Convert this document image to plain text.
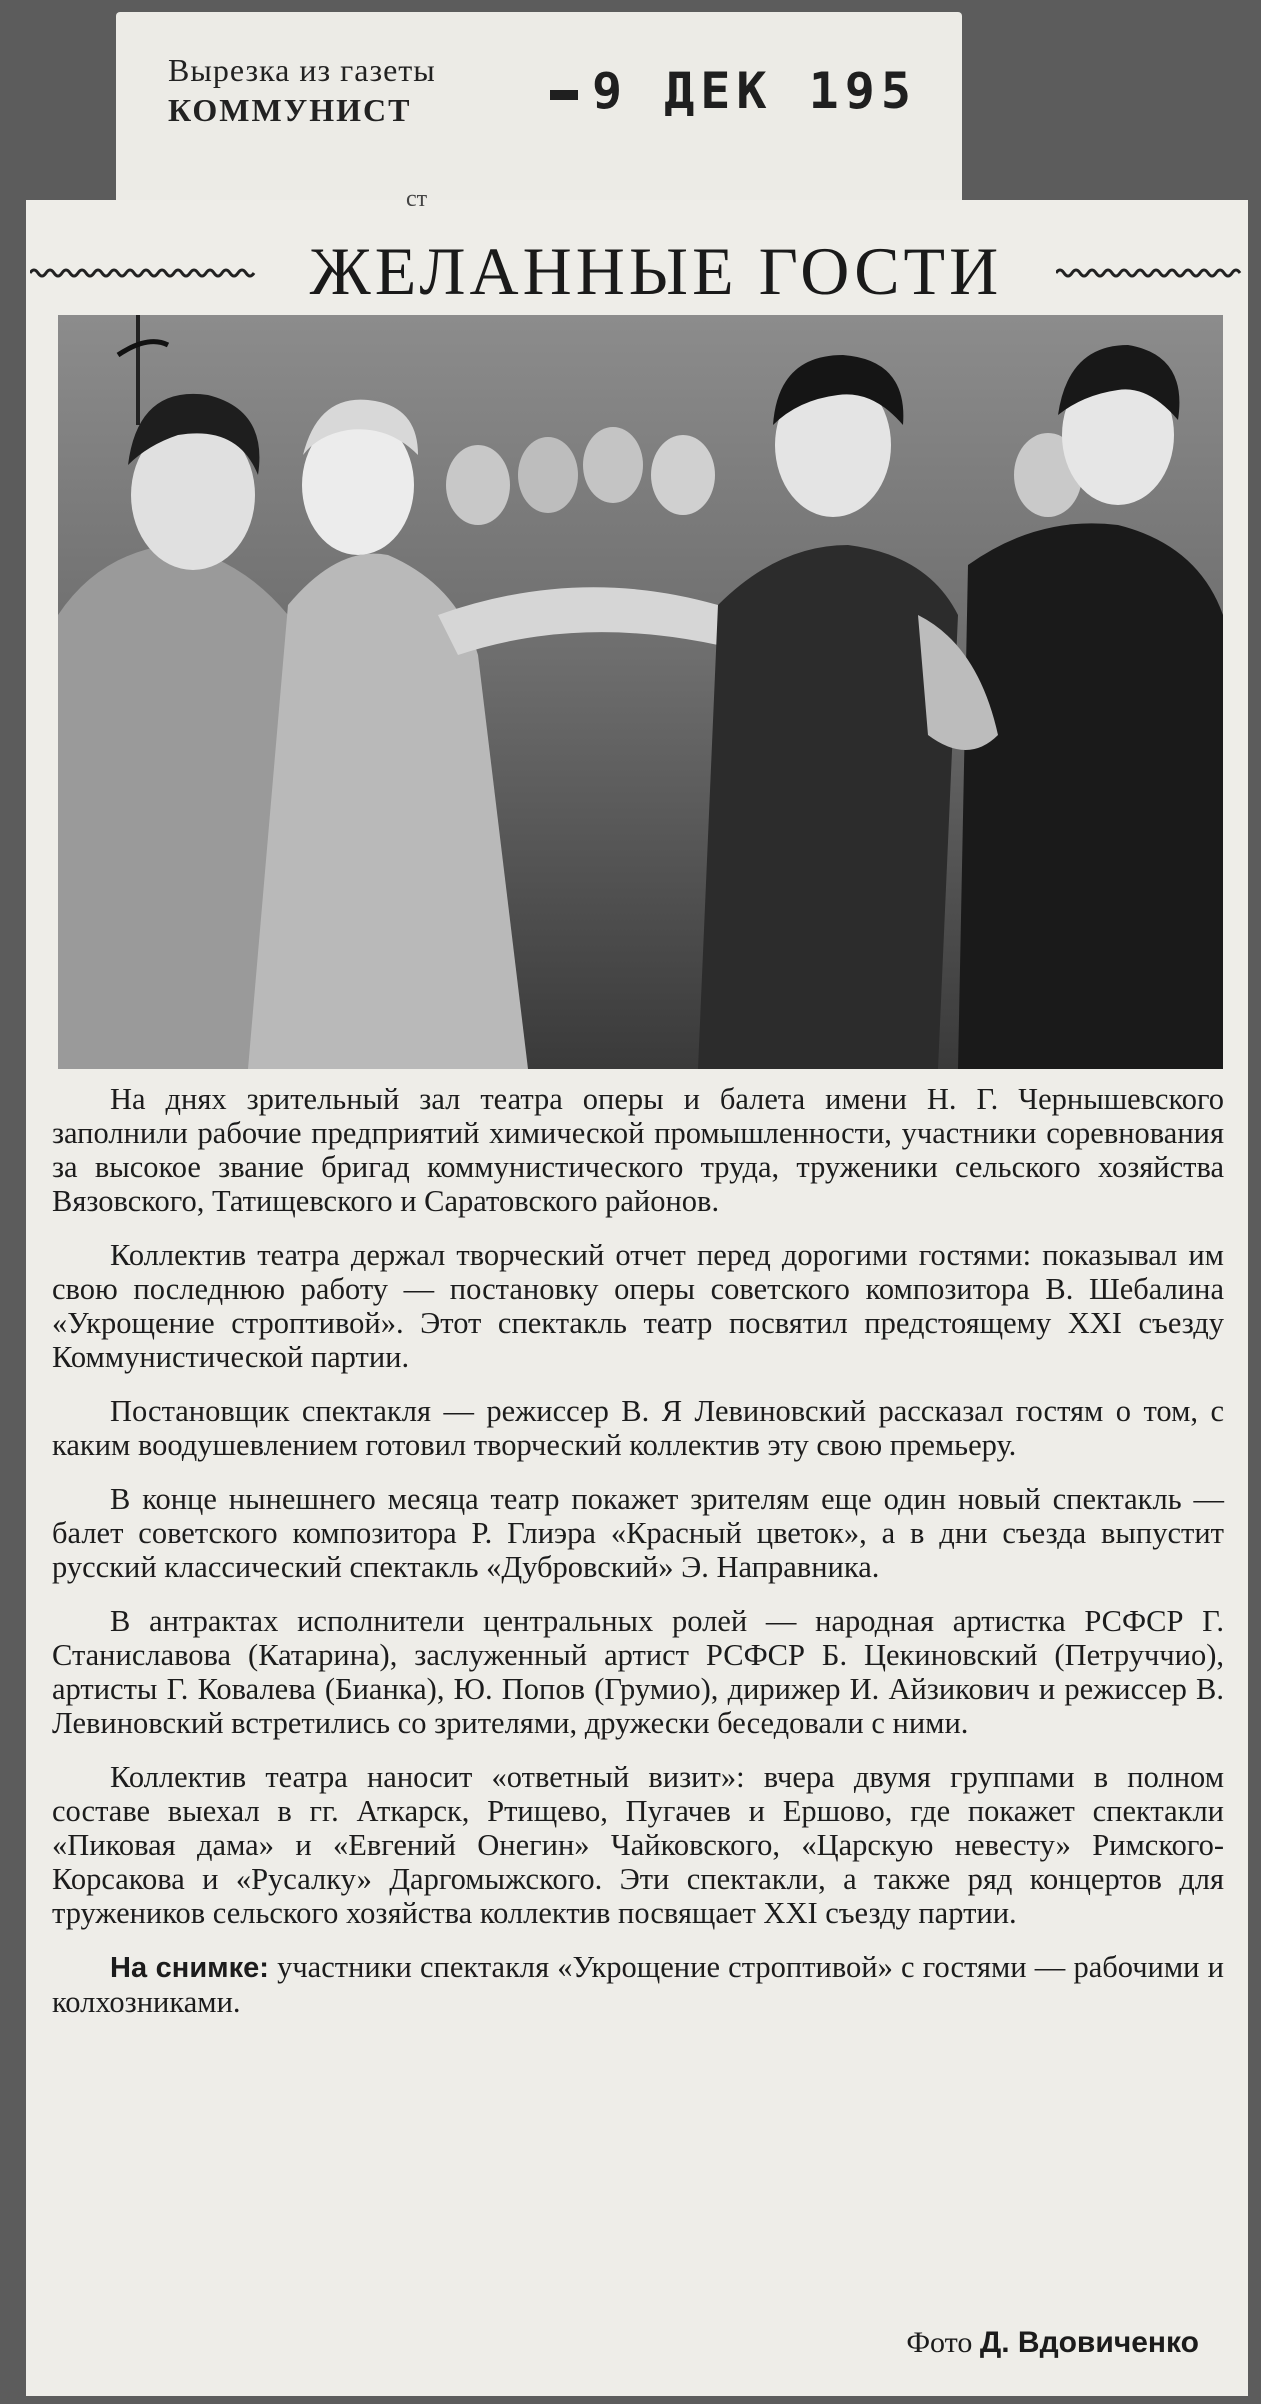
Вырезка из газеты
КОММУНИСТ	9 ДЕК 195
ст
ЖЕЛАННЫЕ ГОСТИ

На днях зрительный зал театра оперы и балета имени Н. Г. Чернышевского заполнили рабочие предприятий химической промышленности, участники соревнования за высокое звание бригад коммунистического труда, труженики сельского хозяйства Вязовского, Татищевского и Саратовского районов.

Коллектив театра держал творческий отчет перед дорогими гостями: показывал им свою последнюю работу — постановку оперы советского композитора В. Шебалина «Укрощение строптивой». Этот спектакль театр посвятил предстоящему XXI съезду Коммунистической партии.

Постановщик спектакля — режиссер В. Я Левиновский рассказал гостям о том, с каким воодушевлением готовил творческий коллектив эту свою премьеру.

В конце нынешнего месяца театр покажет зрителям еще один новый спектакль — балет советского композитора Р. Глиэра «Красный цветок», а в дни съезда выпустит русский классический спектакль «Дубровский» Э. Направника.

В антрактах исполнители центральных ролей — народная артистка РСФСР Г. Станиславова (Катарина), заслуженный артист РСФСР Б. Цекиновский (Петруччио), артисты Г. Ковалева (Бианка), Ю. Попов (Грумио), дирижер И. Айзикович и режиссер В. Левиновский встретились со зрителями, дружески беседовали с ними.

Коллектив театра наносит «ответный визит»: вчера двумя группами в полном составе выехал в гг. Аткарск, Ртищево, Пугачев и Ершово, где покажет спектакли «Пиковая дама» и «Евгений Онегин» Чайковского, «Царскую невесту» Римского-Корсакова и «Русалку» Даргомыжского. Эти спектакли, а также ряд концертов для тружеников сельского хозяйства коллектив посвящает XXI съезду партии.

На снимке: участники спектакля «Укрощение строптивой» с гостями — рабочими и колхозниками.

Фото Д. Вдовиченко
